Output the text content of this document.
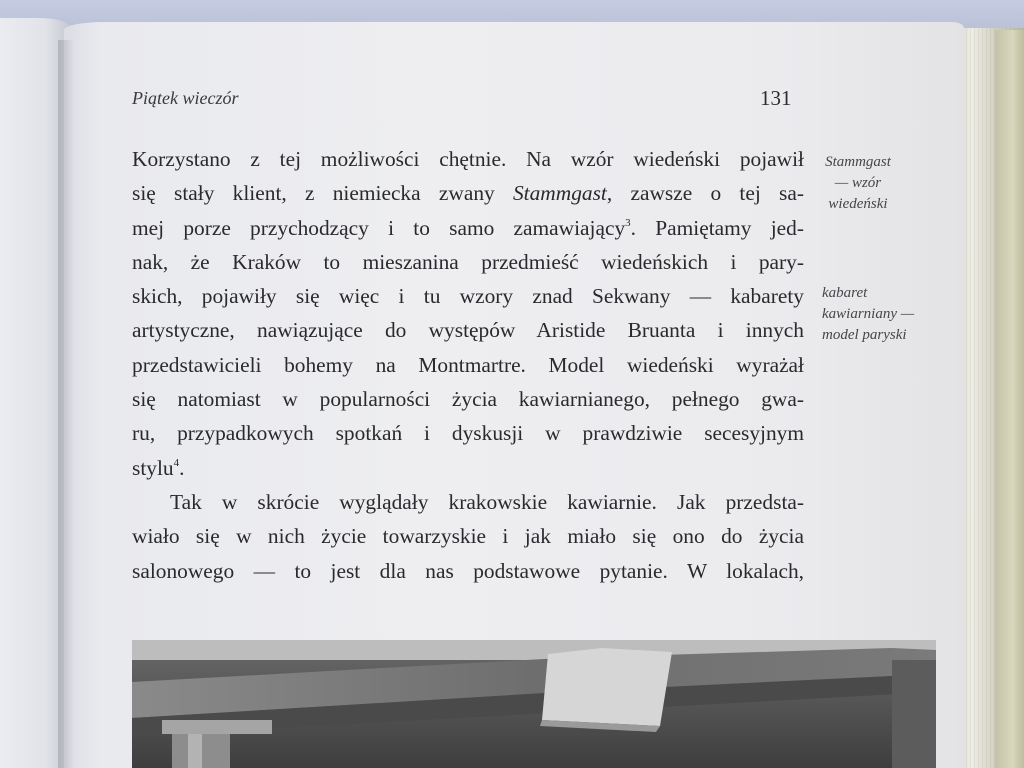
Piątek wieczór	131
Korzystano z tej możliwości chętnie. Na wzór wiedeński pojawił
się stały klient, z niemiecka zwany Stammgast, zawsze o tej sa-
mej porze przychodzący i to samo zamawiający$^3$. Pamiętamy jed-
nak, że Kraków to mieszanina przedmieść wiedeńskich i pary-
skich, pojawiły się więc i tu wzory znad Sekwany — kabarety
artystyczne, nawiązujące do występów Aristide Bruanta i innych
przedstawicieli bohemy na Montmartre. Model wiedeński wyrażał
się natomiast w popularności życia kawiarnianego, pełnego gwa-
ru, przypadkowych spotkań i dyskusji w prawdziwie secesyjnym
stylu$^4$.
Tak w skrócie wyglądały krakowskie kawiarnie. Jak przedsta-
wiało się w nich życie towarzyskie i jak miało się ono do życia
salonowego — to jest dla nas podstawowe pytanie. W lokalach,
Stammgast
— wzór
wiedeński
kabaret
kawiarniany —
model paryski
